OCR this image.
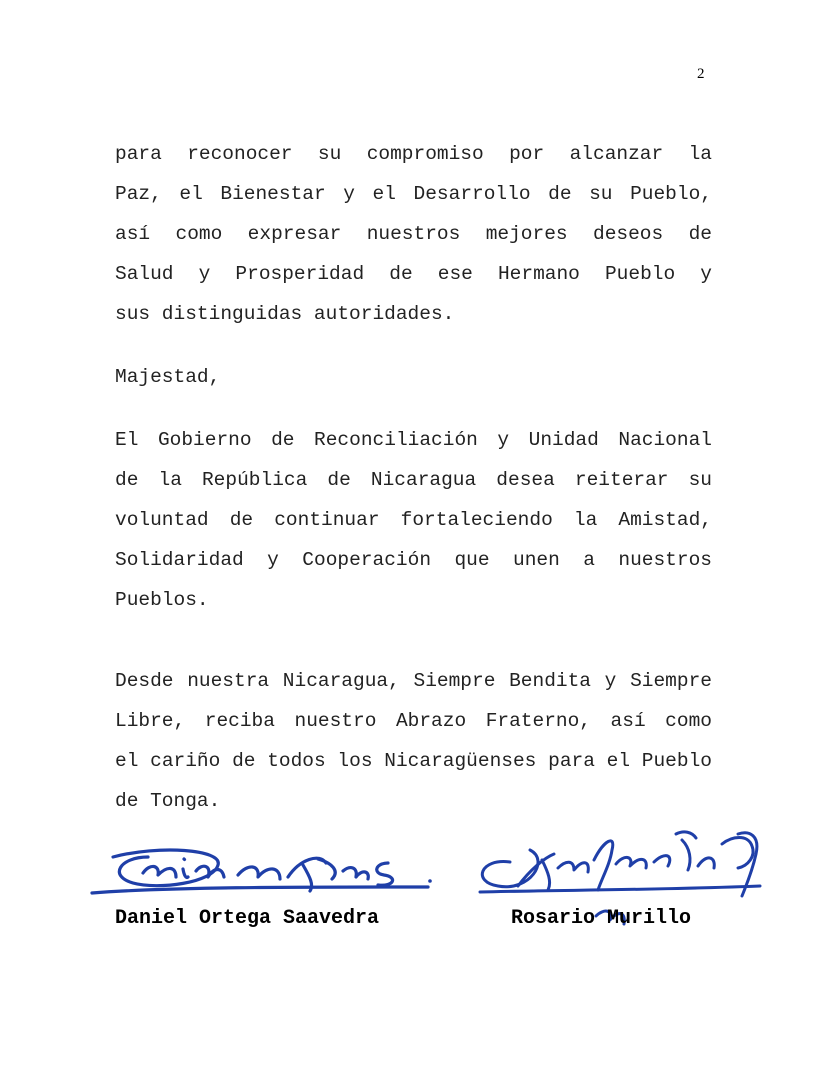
2
para reconocer su compromiso por alcanzar la
Paz, el Bienestar y el Desarrollo de su Pueblo,
así como expresar nuestros mejores deseos de
Salud y Prosperidad de ese Hermano Pueblo y
sus distinguidas autoridades.
Majestad,
El Gobierno de Reconciliación y Unidad Nacional
de la República de Nicaragua desea reiterar su
voluntad de continuar fortaleciendo la Amistad,
Solidaridad y Cooperación que unen a nuestros
Pueblos.
Desde nuestra Nicaragua, Siempre Bendita y Siempre
Libre, reciba nuestro Abrazo Fraterno, así como
el cariño de todos los Nicaragüenses para el Pueblo
de Tonga.
Daniel Ortega Saavedra	Rosario Murillo
